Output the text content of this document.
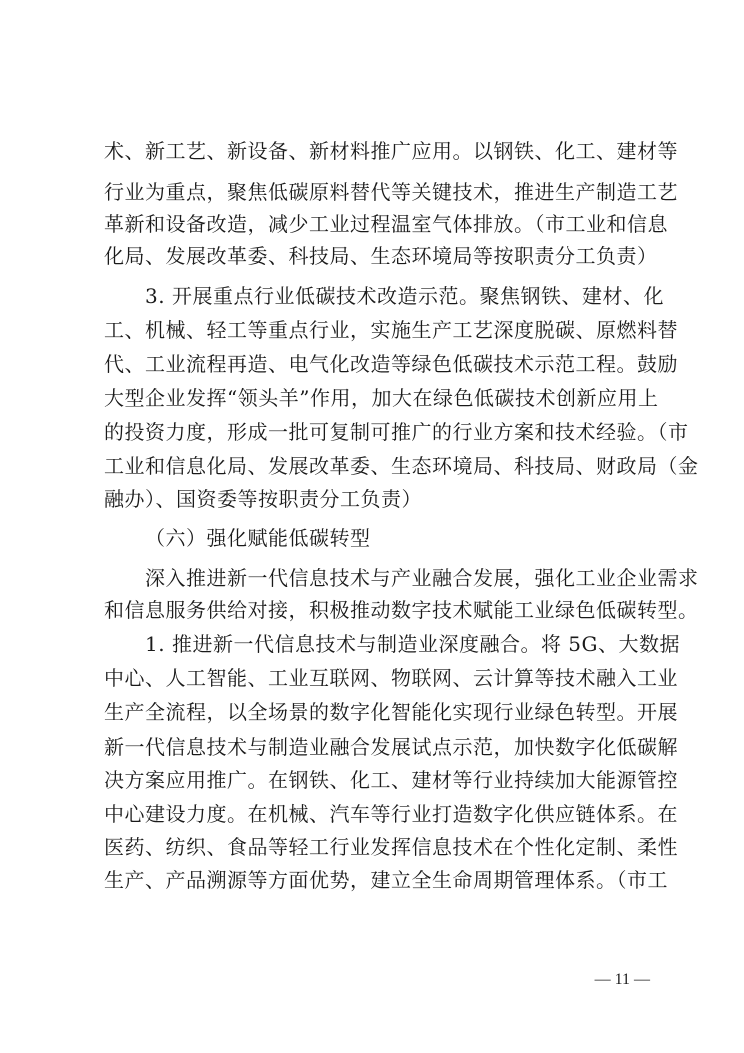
术、新工艺、新设备、新材料推广应用。以钢铁、化工、建材等
行业为重点，聚焦低碳原料替代等关键技术，推进生产制造工艺
革新和设备改造，减少工业过程温室气体排放。（市工业和信息
化局、发展改革委、科技局、生态环境局等按职责分工负责）
3. 开展重点行业低碳技术改造示范。聚焦钢铁、建材、化
工、机械、轻工等重点行业，实施生产工艺深度脱碳、原燃料替
代、工业流程再造、电气化改造等绿色低碳技术示范工程。鼓励
大型企业发挥“领头羊”作用，加大在绿色低碳技术创新应用上
的投资力度，形成一批可复制可推广的行业方案和技术经验。（市
工业和信息化局、发展改革委、生态环境局、科技局、财政局（金
融办）、国资委等按职责分工负责）
（六）强化赋能低碳转型
深入推进新一代信息技术与产业融合发展，强化工业企业需求
和信息服务供给对接，积极推动数字技术赋能工业绿色低碳转型。
1. 推进新一代信息技术与制造业深度融合。将 5G、大数据
中心、人工智能、工业互联网、物联网、云计算等技术融入工业
生产全流程，以全场景的数字化智能化实现行业绿色转型。开展
新一代信息技术与制造业融合发展试点示范，加快数字化低碳解
决方案应用推广。在钢铁、化工、建材等行业持续加大能源管控
中心建设力度。在机械、汽车等行业打造数字化供应链体系。在
医药、纺织、食品等轻工行业发挥信息技术在个性化定制、柔性
生产、产品溯源等方面优势，建立全生命周期管理体系。（市工
— 11 —
